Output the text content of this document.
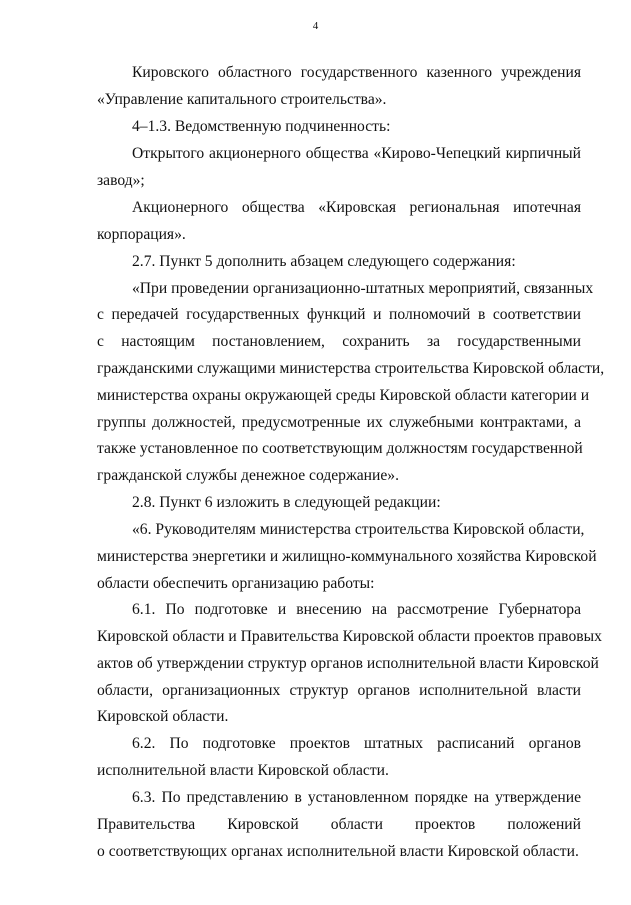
4
Кировского областного государственного казенного учреждения
«Управление капитального строительства».
4–1.3. Ведомственную подчиненность:
Открытого акционерного общества «Кирово-Чепецкий кирпичный
завод»;
Акционерного общества «Кировская региональная ипотечная
корпорация».
2.7. Пункт 5 дополнить абзацем следующего содержания:
«При проведении организационно-штатных мероприятий, связанных
с передачей государственных функций и полномочий в соответствии
с настоящим постановлением, сохранить за государственными
гражданскими служащими министерства строительства Кировской области,
министерства охраны окружающей среды Кировской области категории и
группы должностей, предусмотренные их служебными контрактами, а
также установленное по соответствующим должностям государственной
гражданской службы денежное содержание».
2.8. Пункт 6 изложить в следующей редакции:
«6. Руководителям министерства строительства Кировской области,
министерства энергетики и жилищно-коммунального хозяйства Кировской
области обеспечить организацию работы:
6.1. По подготовке и внесению на рассмотрение Губернатора
Кировской области и Правительства Кировской области проектов правовых
актов об утверждении структур органов исполнительной власти Кировской
области, организационных структур органов исполнительной власти
Кировской области.
6.2. По подготовке проектов штатных расписаний органов
исполнительной власти Кировской области.
6.3. По представлению в установленном порядке на утверждение
Правительства Кировской области проектов положений
о соответствующих органах исполнительной власти Кировской области.
